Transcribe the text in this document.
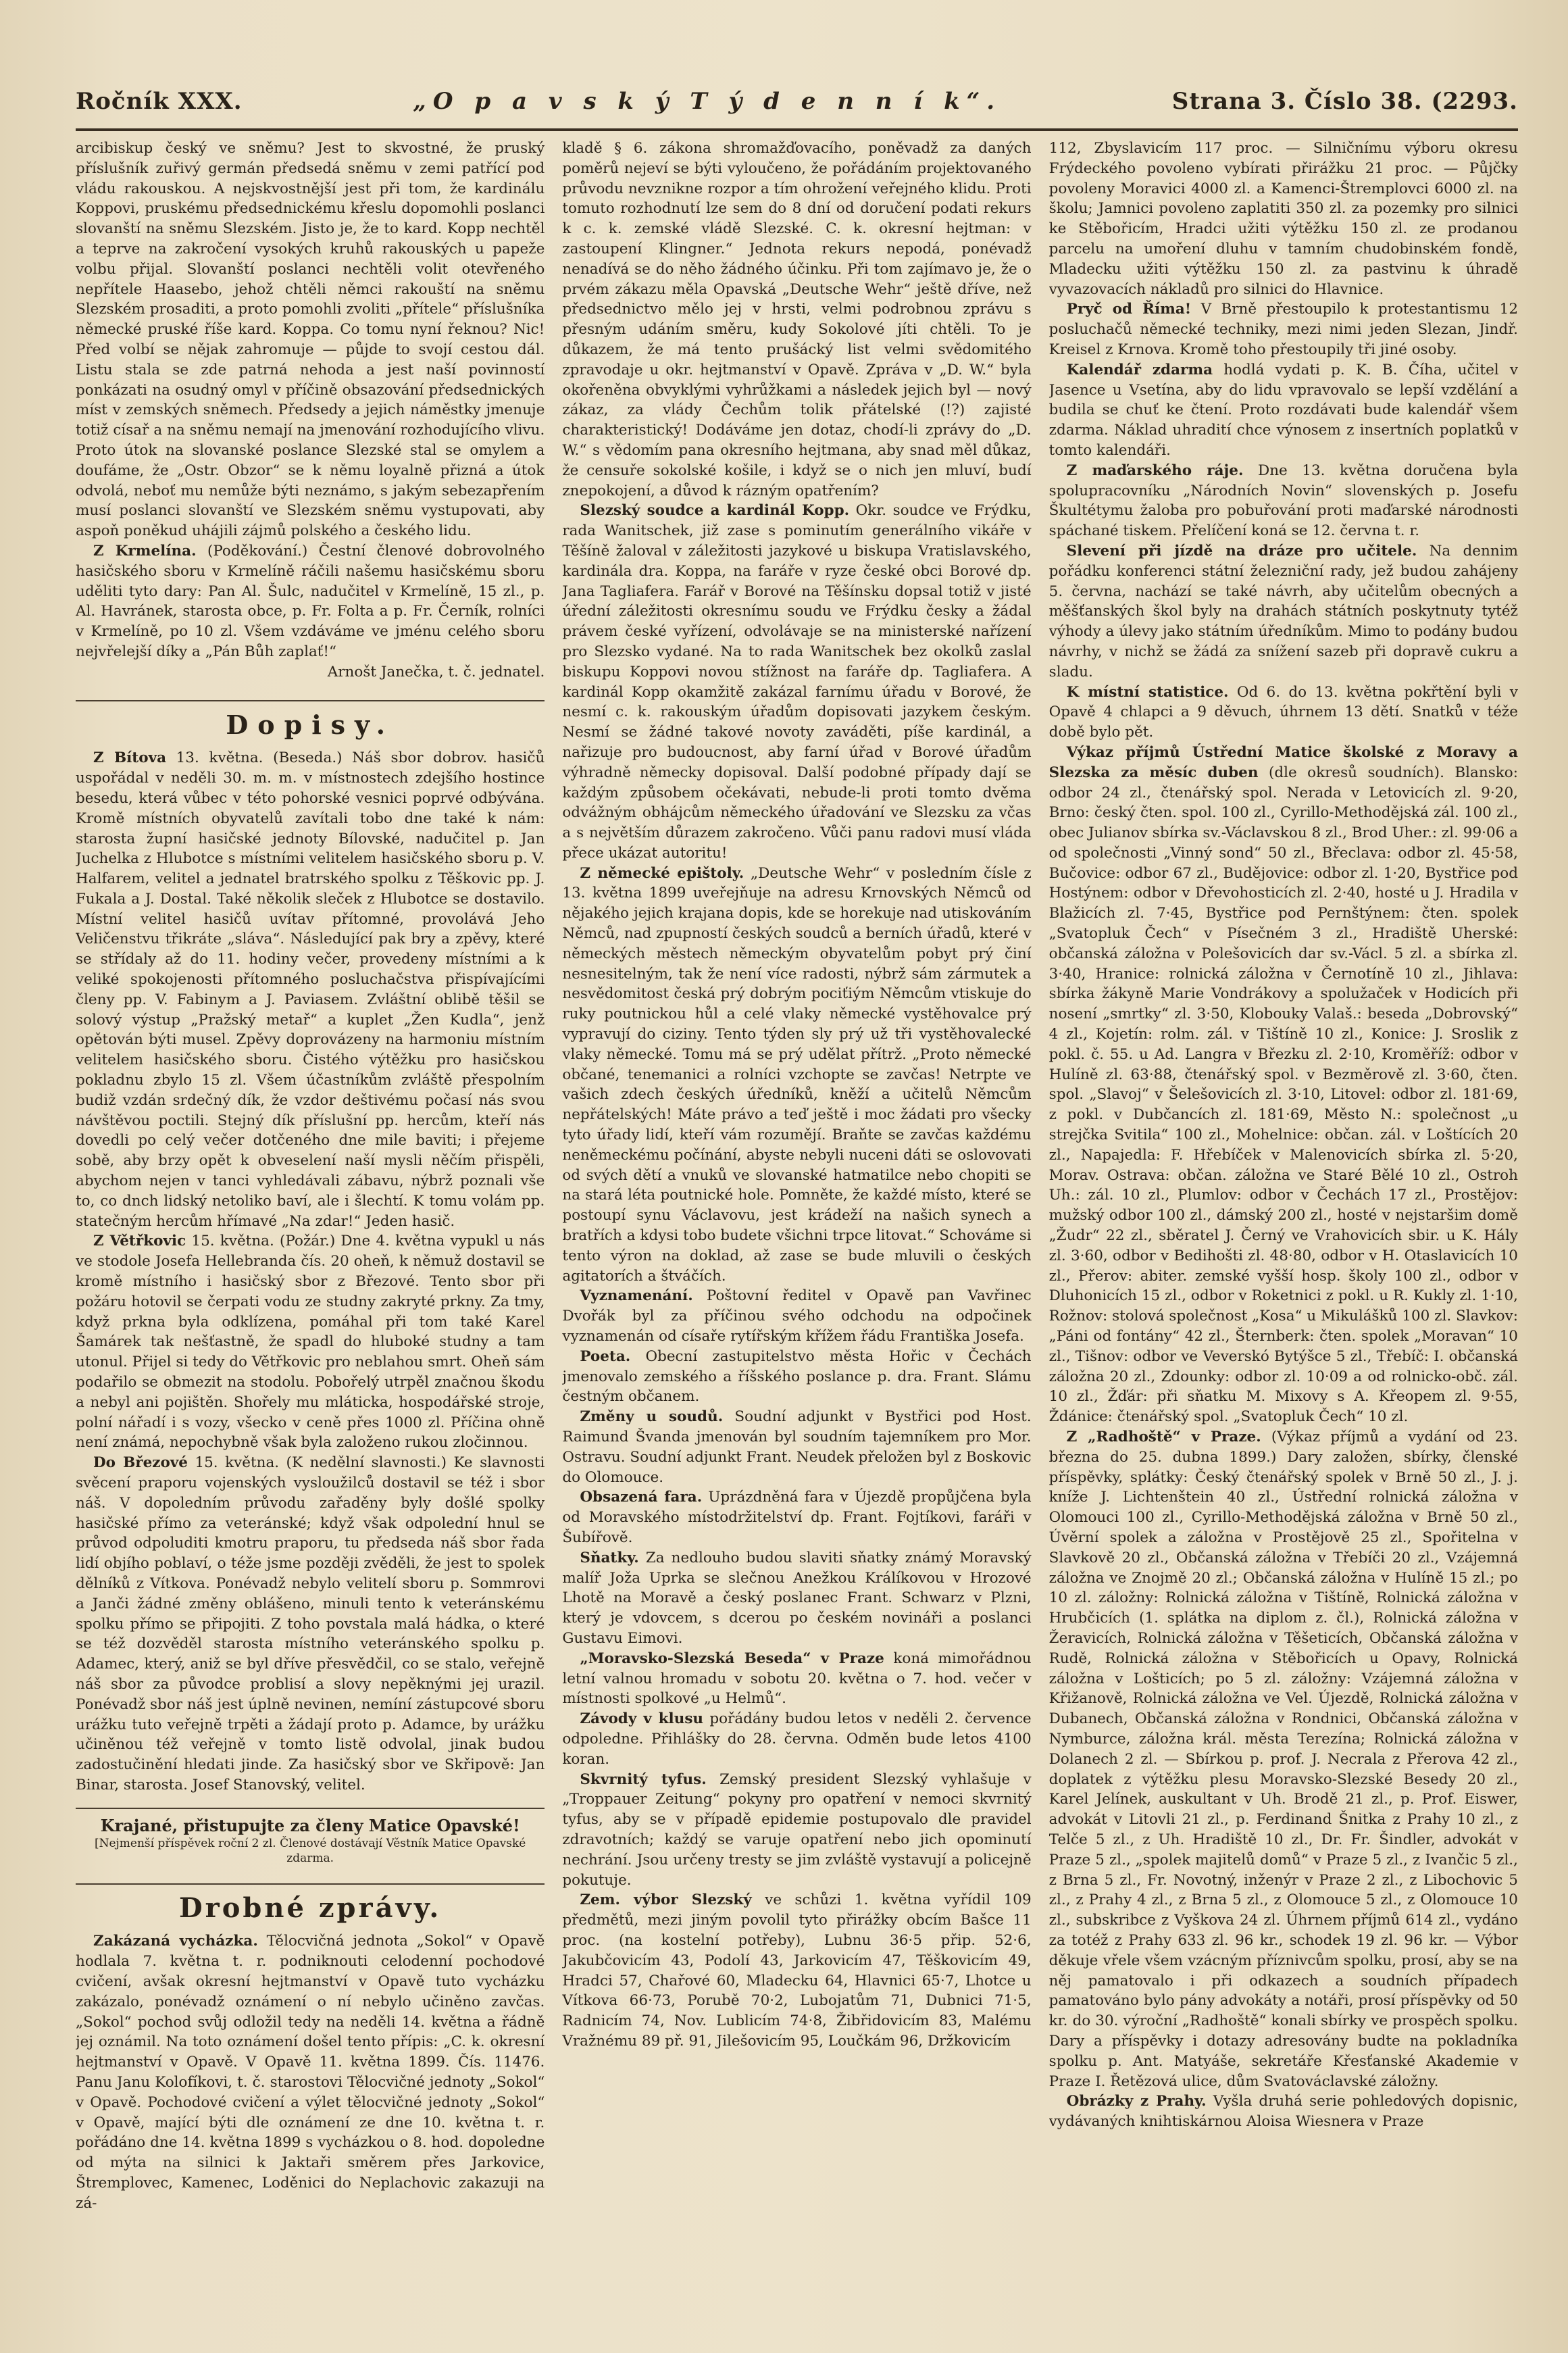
Ročník XXX.	„O p a v s k ý T ý d e n n í k“.	Strana 3. Číslo 38. (2293.

arcibiskup český ve sněmu? Jest to skvostné, že pruský příslušník zuřivý germán předsedá sněmu v zemi patřící pod vládu rakouskou. A nejskvostnější jest při tom, že kardinálu Koppovi, pruskému předsednickému křeslu dopomohli poslanci slovanští na sněmu Slezském. Jisto je, že to kard. Kopp nechtěl a teprve na zakročení vysokých kruhů rakouských u papeže volbu přijal. Slovanští poslanci nechtěli volit otevřeného nepřítele Haasebo, jehož chtěli němci rakouští na sněmu Slezském prosaditi, a proto pomohli zvoliti „přítele“ příslušníka německé pruské říše kard. Koppa. Co tomu nyní řeknou? Nic! Před volbí se nějak zahromuje — půjde to svojí cestou dál. Listu stala se zde patrná nehoda a jest naší povinností ponkázati na osudný omyl v příčině obsazování předsednických míst v zemských sněmech. Předsedy a jejich náměstky jmenuje totiž císař a na sněmu nemají na jmenování rozhodujícího vlivu. Proto útok na slovanské poslance Slezské stal se omylem a doufáme, že „Ostr. Obzor“ se k němu loyalně přizná a útok odvolá, neboť mu nemůže býti neznámo, s jakým sebezapřením musí poslanci slovanští ve Slezském sněmu vystupovati, aby aspoň poněkud uhájili zájmů polského a českého lidu.

Z Krmelína. (Poděkování.) Čestní členové dobrovolného hasičského sboru v Krmelíně ráčili našemu hasičskému sboru uděliti tyto dary: Pan Al. Šulc, nadučitel v Krmelíně, 15 zl., p. Al. Havránek, starosta obce, p. Fr. Folta a p. Fr. Černík, rolníci v Krmelíně, po 10 zl. Všem vzdáváme ve jménu celého sboru nejvřelejší díky a „Pán Bůh zaplať!“

Arnošt Janečka, t. č. jednatel.

Dopisy.

Z Bítova 13. května. (Beseda.) Náš sbor dobrov. hasičů uspořádal v neděli 30. m. m. v místnostech zdejšího hostince besedu, která vůbec v této pohorské vesnici poprvé odbývána. Kromě místních obyvatelů zavítali tobo dne také k nám: starosta župní hasičské jednoty Bílovské, nadučitel p. Jan Juchelka z Hlubotce s místními velitelem hasičského sboru p. V. Halfarem, velitel a jednatel bratrského spolku z Těškovic pp. J. Fukala a J. Dostal. Také několik sleček z Hlubotce se dostavilo. Místní velitel hasičů uvítav přítomné, provolává Jeho Veličenstvu třikráte „sláva“. Následující pak bry a zpěvy, které se střídaly až do 11. hodiny večer, provedeny místními a k veliké spokojenosti přítomného posluchačstva přispívajícími členy pp. V. Fabinym a J. Paviasem. Zvláštní oblibě těšil se solový výstup „Pražský metař“ a kuplet „Žen Kudla“, jenž opětován býti musel. Zpěvy doprovázeny na harmoniu místním velitelem hasičského sboru. Čistého výtěžku pro hasičskou pokladnu zbylo 15 zl. Všem účastníkům zvláště přespolním budiž vzdán srdečný dík, že vzdor deštivému počasí nás svou návštěvou poctili. Stejný dík příslušní pp. hercům, kteří nás dovedli po celý večer dotčeného dne mile baviti; i přejeme sobě, aby brzy opět k obveselení naší mysli něčím přispěli, abychom nejen v tanci vyhledávali zábavu, nýbrž poznali vše to, co dnch lidský netoliko baví, ale i šlechtí. K tomu volám pp. statečným hercům hřímavé „Na zdar!“ Jeden hasič.

Z Větřkovic 15. května. (Požár.) Dne 4. května vypukl u nás ve stodole Josefa Hellebranda čís. 20 oheň, k němuž dostavil se kromě místního i hasičský sbor z Březové. Tento sbor při požáru hotovil se čerpati vodu ze studny zakryté prkny. Za tmy, když prkna byla odklízena, pomáhal při tom také Karel Šamárek tak nešťastně, že spadl do hluboké studny a tam utonul. Přijel si tedy do Větřkovic pro neblahou smrt. Oheň sám podařilo se obmezit na stodolu. Pobořelý utrpěl značnou škodu a nebyl ani pojištěn. Shořely mu mláticka, hospodářské stroje, polní nářadí i s vozy, všecko v ceně přes 1000 zl. Příčina ohně není známá, nepochybně však byla založeno rukou zločinnou.

Do Březové 15. května. (K nedělní slavnosti.) Ke slavnosti svěcení praporu vojenských vysloužilců dostavil se též i sbor náš. V dopoledním průvodu zařaděny byly došlé spolky hasičské přímo za veteránské; když však odpolední hnul se průvod odpoluditi kmotru praporu, tu předseda náš sbor řada lidí objího poblaví, o téže jsme později zvěděli, že jest to spolek dělníků z Vítkova. Ponévadž nebylo velitelí sboru p. Sommrovi a Janči žádné změny oblášeno, minuli tento k veteránskému spolku přímo se připojiti. Z toho povstala malá hádka, o které se též dozvěděl starosta místního veteránského spolku p. Adamec, který, aniž se byl dříve přesvědčil, co se stalo, veřejně náš sbor za původce problisí a slovy nepěknými jej urazil. Ponévadž sbor náš jest úplně nevinen, nemíní zástupcové sboru urážku tuto veřejně trpěti a žádají proto p. Adamce, by urážku učiněnou též veřejně v tomto listě odvolal, jinak budou zadostučinění hledati jinde. Za hasičský sbor ve Skřipově: Jan Binar, starosta. Josef Stanovský, velitel.

Krajané, přistupujte za členy Matice Opavské!
[Nejmenší příspěvek roční 2 zl. Členové dostávají Věstník Matice Opavské zdarma.
Drobné zprávy.

Zakázaná vycházka. Tělocvičná jednota „Sokol“ v Opavě hodlala 7. května t. r. podniknouti celodenní pochodové cvičení, avšak okresní hejtmanství v Opavě tuto vycházku zakázalo, ponévadž oznámení o ní nebylo učiněno zavčas. „Sokol“ pochod svůj odložil tedy na neděli 14. května a řádně jej oznámil. Na toto oznámení došel tento přípis: „C. k. okresní hejtmanství v Opavě. V Opavě 11. května 1899. Čís. 11476. Panu Janu Kolofíkovi, t. č. starostovi Tělocvičné jednoty „Sokol“ v Opavě. Pochodové cvičení a výlet tělocvičné jednoty „Sokol“ v Opavě, mající býti dle oznámení ze dne 10. května t. r. pořádáno dne 14. května 1899 s vycházkou o 8. hod. dopoledne od mýta na silnici k Jaktaři směrem přes Jarkovice, Štremplovec, Kamenec, Loděnici do Neplachovic zakazuji na zá-

kladě § 6. zákona shromažďovacího, poněvadž za daných poměrů nejeví se býti vyloučeno, že pořádáním projektovaného průvodu nevznikne rozpor a tím ohrožení veřejného klidu. Proti tomuto rozhodnutí lze sem do 8 dní od doručení podati rekurs k c. k. zemské vládě Slezské. C. k. okresní hejtman: v zastoupení Klingner.“ Jednota rekurs nepodá, ponévadž nenadívá se do něho žádného účinku. Při tom zajímavo je, že o prvém zákazu měla Opavská „Deutsche Wehr“ ještě dříve, než předsednictvo mělo jej v hrsti, velmi podrobnou zprávu s přesným udáním směru, kudy Sokolové jíti chtěli. To je důkazem, že má tento prušácký list velmi svědomitého zpravodaje u okr. hejtmanství v Opavě. Zpráva v „D. W.“ byla okořeněna obvyklými vyhrůžkami a následek jejich byl — nový zákaz, za vlády Čechům tolik přátelské (!?) zajisté charakteristický! Dodáváme jen dotaz, chodí-li zprávy do „D. W.“ s vědomím pana okresního hejtmana, aby snad měl důkaz, že censuře sokolské košile, i když se o nich jen mluví, budí znepokojení, a důvod k rázným opatřením?

Slezský soudce a kardinál Kopp. Okr. soudce ve Frýdku, rada Wanitschek, již zase s pominutím generálního vikáře v Těšíně žaloval v záležitosti jazykové u biskupa Vratislavského, kardinála dra. Koppa, na faráře v ryze české obci Borové dp. Jana Tagliafera. Farář v Borové na Těšínsku dopsal totiž v jisté úřední záležitosti okresnímu soudu ve Frýdku česky a žádal právem české vyřízení, odvolávaje se na ministerské nařízení pro Slezsko vydané. Na to rada Wanitschek bez okolků zaslal biskupu Koppovi novou stížnost na faráře dp. Tagliafera. A kardinál Kopp okamžitě zakázal farnímu úřadu v Borové, že nesmí c. k. rakouským úřadům dopisovati jazykem českým. Nesmí se žádné takové novoty zaváděti, píše kardinál, a nařizuje pro budoucnost, aby farní úřad v Borové úřadům výhradně německy dopisoval. Další podobné případy dají se každým způsobem očekávati, nebude-li proti tomto dvěma odvážným obhájcům německého úřadování ve Slezsku za včas a s největším důrazem zakročeno. Vůči panu radovi musí vláda přece ukázat autoritu!

Z německé epištoly. „Deutsche Wehr“ v posledním čísle z 13. května 1899 uveřejňuje na adresu Krnovských Němců od nějakého jejich krajana dopis, kde se horekuje nad utiskováním Němců, nad zpupností českých soudců a berních úřadů, které v německých městech německým obyvatelům pobyt prý činí nesnesitelným, tak že není více radosti, nýbrž sám zármutek a nesvědomitost česká prý dobrým pociťiým Němcům vtiskuje do ruky poutnickou hůl a celé vlaky německé vystěhovalce prý vypravují do ciziny. Tento týden sly prý už tři vystěhovalecké vlaky německé. Tomu má se prý udělat přítrž. „Proto německé občané, tenemanici a rolníci vzchopte se zavčas! Netrpte ve vašich zdech českých úředníků, kněží a učitelů Němcům nepřátelských! Máte právo a teď ještě i moc žádati pro všecky tyto úřady lidí, kteří vám rozumějí. Braňte se zavčas každému neněmeckému počínání, abyste nebyli nuceni dáti se oslovovati od svých dětí a vnuků ve slovanské hatmatilce nebo chopiti se na stará léta poutnické hole. Pomněte, že každé místo, které se postoupí synu Václavovu, jest krádeží na našich synech a bratřích a kdysi tobo budete všichni trpce litovat.“ Schováme si tento výron na doklad, až zase se bude mluvili o českých agitatorích a štváčích.

Vyznamenání. Poštovní ředitel v Opavě pan Vavřinec Dvořák byl za příčinou svého odchodu na odpočinek vyznamenán od císaře rytířským křížem řádu Františka Josefa.

Poeta. Obecní zastupitelstvo města Hořic v Čechách jmenovalo zemského a říšského poslance p. dra. Frant. Slámu čestným občanem.

Změny u soudů. Soudní adjunkt v Bystřici pod Host. Raimund Švanda jmenován byl soudním tajemníkem pro Mor. Ostravu. Soudní adjunkt Frant. Neudek přeložen byl z Boskovic do Olomouce.

Obsazená fara. Uprázdněná fara v Újezdě propůjčena byla od Moravského místodržitelství dp. Frant. Fojtíkovi, faráři v Šubířově.

Sňatky. Za nedlouho budou slaviti sňatky známý Moravský malíř Joža Uprka se slečnou Anežkou Králíkovou v Hrozové Lhotě na Moravě a český poslanec Frant. Schwarz v Plzni, který je vdovcem, s dcerou po českém novináři a poslanci Gustavu Eimovi.

„Moravsko-Slezská Beseda“ v Praze koná mimořádnou letní valnou hromadu v sobotu 20. května o 7. hod. večer v místnosti spolkové „u Helmů“.

Závody v klusu pořádány budou letos v neděli 2. července odpoledne. Přihlášky do 28. června. Odměn bude letos 4100 koran.

Skvrnitý tyfus. Zemský president Slezský vyhlašuje v „Troppauer Zeitung“ pokyny pro opatření v nemoci skvrnitý tyfus, aby se v případě epidemie postupovalo dle pravidel zdravotních; každý se varuje opatření nebo jich opominutí nechrání. Jsou určeny tresty se jim zvláště vystavují a policejně pokutuje.

Zem. výbor Slezský ve schůzi 1. května vyřídil 109 předmětů, mezi jiným povolil tyto přirážky obcím Bašce 11 proc. (na kostelní potřeby), Lubnu 36·5 přip. 52·6, Jakubčovicím 43, Podolí 43, Jarkovicím 47, Těškovicím 49, Hradci 57, Chařové 60, Mladecku 64, Hlavnici 65·7, Lhotce u Vítkova 66·73, Porubě 70·2, Lubojatům 71, Dubnici 71·5, Radnicím 74, Nov. Lublicím 74·8, Žibřidovicím 83, Malému Vražnému 89 př. 91, Jilešovicím 95, Loučkám 96, Držkovicím

112, Zbyslavicím 117 proc. — Silničnímu výboru okresu Frýdeckého povoleno vybírati přirážku 21 proc. — Půjčky povoleny Moravici 4000 zl. a Kamenci-Štremplovci 6000 zl. na školu; Jamnici povoleno zaplatiti 350 zl. za pozemky pro silnici ke Stěbořicím, Hradci užiti výtěžku 150 zl. ze prodanou parcelu na umoření dluhu v tamním chudobinském fondě, Mladecku užiti výtěžku 150 zl. za pastvinu k úhradě vyvazovacích nákladů pro silnici do Hlavnice.

Pryč od Říma! V Brně přestoupilo k protestantismu 12 posluchačů německé techniky, mezi nimi jeden Slezan, Jindř. Kreisel z Krnova. Kromě toho přestoupily tři jiné osoby.

Kalendář zdarma hodlá vydati p. K. B. Číha, učitel v Jasence u Vsetína, aby do lidu vpravovalo se lepší vzdělání a budila se chuť ke čtení. Proto rozdávati bude kalendář všem zdarma. Náklad uhradití chce výnosem z insertních poplatků v tomto kalendáři.

Z maďarského ráje. Dne 13. května doručena byla spolupracovníku „Národních Novin“ slovenských p. Josefu Škultétymu žaloba pro pobuřování proti maďarské národnosti spáchané tiskem. Přelíčení koná se 12. června t. r.

Slevení při jízdě na dráze pro učitele. Na dennim pořádku konferenci státní železniční rady, jež budou zahájeny 5. června, nachází se také návrh, aby učitelům obecných a měšťanských škol byly na drahách státních poskytnuty tytéž výhody a úlevy jako státním úředníkům. Mimo to podány budou návrhy, v nichž se žádá za snížení sazeb při dopravě cukru a sladu.

K místní statistice. Od 6. do 13. května pokřtění byli v Opavě 4 chlapci a 9 děvuch, úhrnem 13 dětí. Snatků v téže době bylo pět.

Výkaz příjmů Ústřední Matice školské z Moravy a Slezska za měsíc duben (dle okresů soudních). Blansko: odbor 24 zl., čtenářský spol. Nerada v Letovicích zl. 9·20, Brno: český čten. spol. 100 zl., Cyrillo-Methodějská zál. 100 zl., obec Julianov sbírka sv.-Václavskou 8 zl., Brod Uher.: zl. 99·06 a od společnosti „Vinný sond“ 50 zl., Břeclava: odbor zl. 45·58, Bučovice: odbor 67 zl., Budějovice: odbor zl. 1·20, Bystřice pod Hostýnem: odbor v Dřevohosticích zl. 2·40, hosté u J. Hradila v Blažicích zl. 7·45, Bystřice pod Pernštýnem: čten. spolek „Svatopluk Čech“ v Písečném 3 zl., Hradiště Uherské: občanská záložna v Polešovicích dar sv.-Václ. 5 zl. a sbírka zl. 3·40, Hranice: rolnická záložna v Černotíně 10 zl., Jihlava: sbírka žákyně Marie Vondrákovy a spolužaček v Hodicích při nosení „smrtky“ zl. 3·50, Klobouky Valaš.: beseda „Dobrovský“ 4 zl., Kojetín: rolm. zál. v Tištíně 10 zl., Konice: J. Sroslik z pokl. č. 55. u Ad. Langra v Březku zl. 2·10, Kroměříž: odbor v Hulíně zl. 63·88, čtenářský spol. v Bezměrově zl. 3·60, čten. spol. „Slavoj“ v Šelešovicích zl. 3·10, Litovel: odbor zl. 181·69, z pokl. v Dubčancích zl. 181·69, Město N.: společnost „u strejčka Svitila“ 100 zl., Mohelnice: občan. zál. v Loštících 20 zl., Napajedla: F. Hřebíček v Malenovicích sbírka zl. 5·20, Morav. Ostrava: občan. záložna ve Staré Bělé 10 zl., Ostroh Uh.: zál. 10 zl., Plumlov: odbor v Čechách 17 zl., Prostějov: mužský odbor 100 zl., dámský 200 zl., hosté v nejstaršim domě „Žudr“ 22 zl., sběratel J. Černý ve Vrahovicích sbir. u K. Hály zl. 3·60, odbor v Bedihošti zl. 48·80, odbor v H. Otaslavicích 10 zl., Přerov: abiter. zemské vyšší hosp. školy 100 zl., odbor v Dluhonicích 15 zl., odbor v Roketnici z pokl. u R. Kukly zl. 1·10, Rožnov: stolová společnost „Kosa“ u Mikulášků 100 zl. Slavkov: „Páni od fontány“ 42 zl., Šternberk: čten. spolek „Moravan“ 10 zl., Tišnov: odbor ve Veverskó Bytýšce 5 zl., Třebíč: I. občanská záložna 20 zl., Zdounky: odbor zl. 10·09 a od rolnicko-obč. zál. 10 zl., Žďár: při sňatku M. Mixovy s A. Křeopem zl. 9·55, Ždánice: čtenářský spol. „Svatopluk Čech“ 10 zl.

Z „Radhoště“ v Praze. (Výkaz příjmů a vydání od 23. března do 25. dubna 1899.) Dary založen, sbírky, členské příspěvky, splátky: Český čtenářský spolek v Brně 50 zl., J. j. kníže J. Lichtenštein 40 zl., Ústřední rolnická záložna v Olomouci 100 zl., Cyrillo-Methodějská záložna v Brně 50 zl., Úvěrní spolek a záložna v Prostějově 25 zl., Spořitelna v Slavkově 20 zl., Občanská záložna v Třebíči 20 zl., Vzájemná záložna ve Znojmě 20 zl.; Občanská záložna v Hulíně 15 zl.; po 10 zl. záložny: Rolnická záložna v Tištíně, Rolnická záložna v Hrubčicích (1. splátka na diplom z. čl.), Rolnická záložna v Žeravicích, Rolnická záložna v Těšeticích, Občanská záložna v Rudě, Rolnická záložna v Stěbořicích u Opavy, Rolnická záložna v Lošticích; po 5 zl. záložny: Vzájemná záložna v Křižanově, Rolnická záložna ve Vel. Újezdě, Rolnická záložna v Dubanech, Občanská záložna v Rondnici, Občanská záložna v Nymburce, záložna král. města Terezína; Rolnická záložna v Dolanech 2 zl. — Sbírkou p. prof. J. Necrala z Přerova 42 zl., doplatek z výtěžku plesu Moravsko-Slezské Besedy 20 zl., Karel Jelínek, auskultant v Uh. Brodě 21 zl., p. Prof. Eiswer, advokát v Litovli 21 zl., p. Ferdinand Šnitka z Prahy 10 zl., z Telče 5 zl., z Uh. Hradiště 10 zl., Dr. Fr. Šindler, advokát v Praze 5 zl., „spolek majitelů domů“ v Praze 5 zl., z Ivančic 5 zl., z Brna 5 zl., Fr. Novotný, inženýr v Praze 2 zl., z Libochovic 5 zl., z Prahy 4 zl., z Brna 5 zl., z Olomouce 5 zl., z Olomouce 10 zl., subskribce z Vyškova 24 zl. Úhrnem příjmů 614 zl., vydáno za totéž z Prahy 633 zl. 96 kr., schodek 19 zl. 96 kr. — Výbor děkuje vřele všem vzácným příznivcům spolku, prosí, aby se na něj pamatovalo i při odkazech a soudních případech pamatováno bylo pány advokáty a notáři, prosí příspěvky od 50 kr. do 30. výroční „Radhoště“ konali sbírky ve prospěch spolku. Dary a příspěvky i dotazy adresovány budte na pokladníka spolku p. Ant. Matyáše, sekretáře Křesťanské Akademie v Praze I. Řetězová ulice, dům Svatováclavské záložny.

Obrázky z Prahy. Vyšla druhá serie pohledových dopisnic, vydávaných knihtiskárnou Aloisa Wiesnera v Praze
